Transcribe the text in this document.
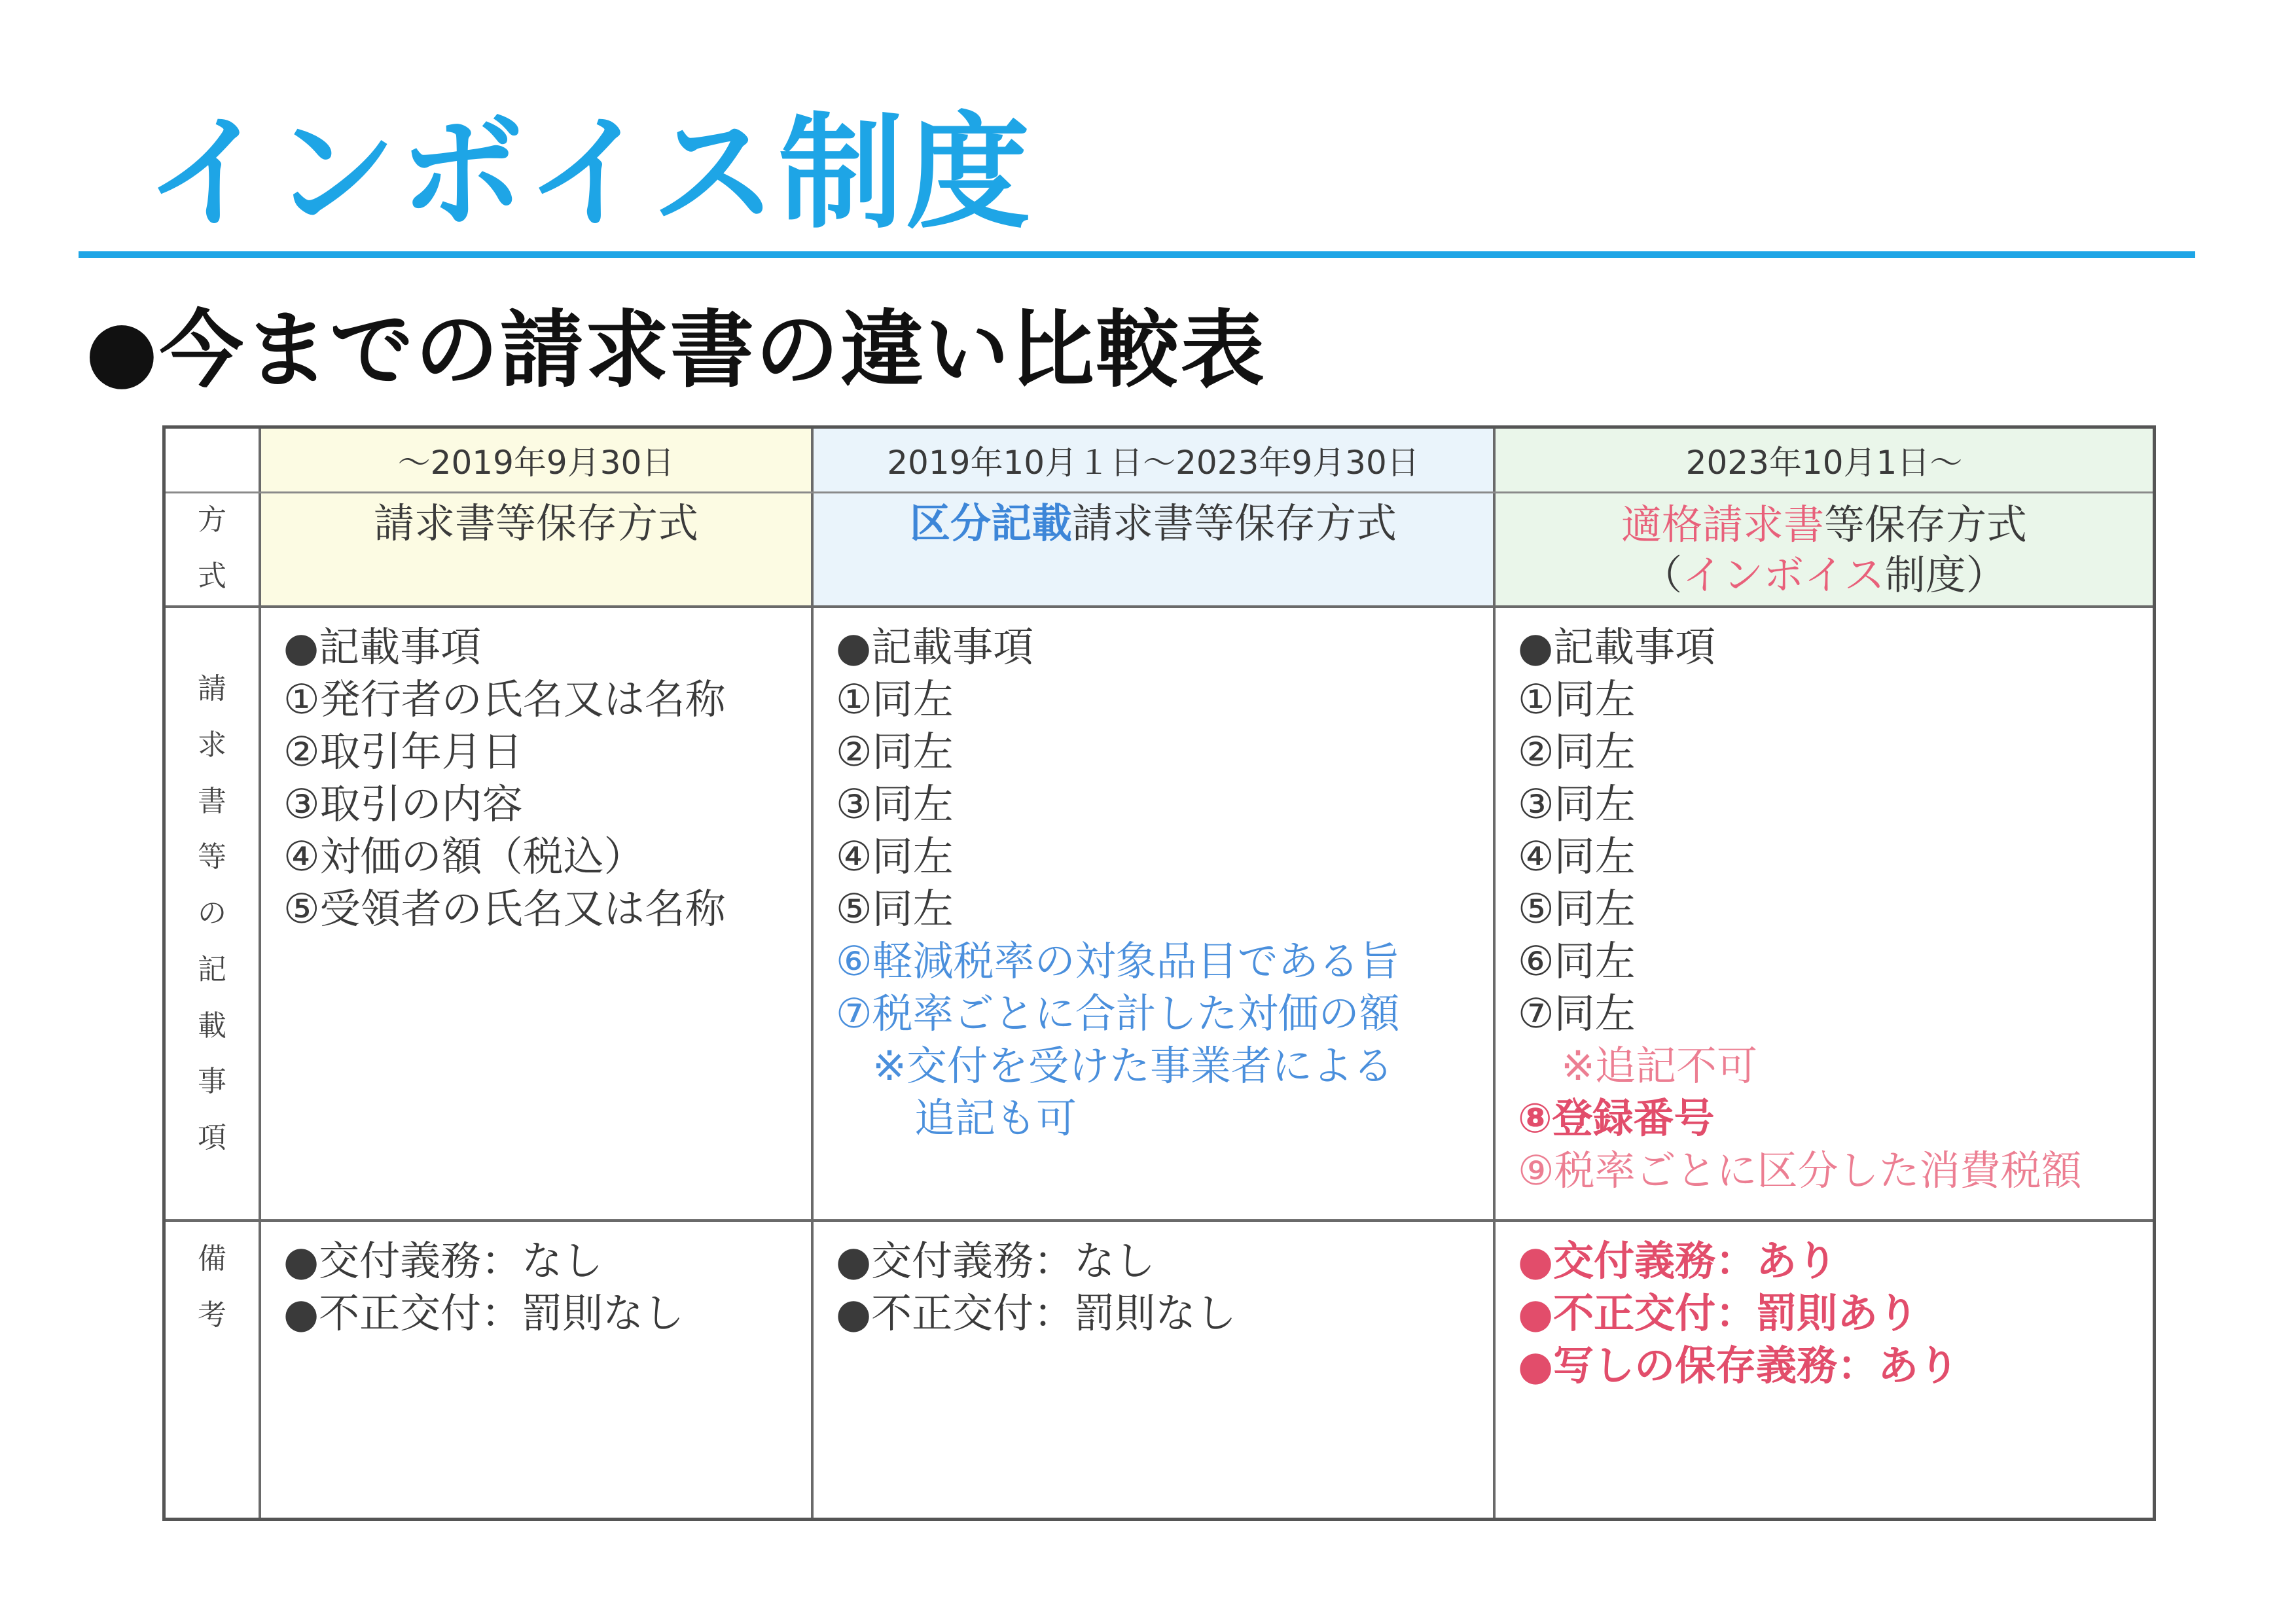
インボイス制度
●今までの請求書の違い比較表
方
式
請
求
書
等
の
記
載
事
項
備
考
～2019年9月30日
請求書等保存方式
●記載事項
①発行者の氏名又は名称
②取引年月日
③取引の内容
④対価の額（税込）
⑤受領者の氏名又は名称
●交付義務：なし
●不正交付：罰則なし
2019年10月１日～2023年9月30日
区分記載請求書等保存方式
●記載事項
①同左
②同左
③同左
④同左
⑤同左
⑥軽減税率の対象品目である旨
⑦税率ごとに合計した対価の額
※交付を受けた事業者による
追記も可
●交付義務：なし
●不正交付：罰則なし
2023年10月1日～
適格請求書等保存方式
（インボイス制度）
●記載事項
①同左
②同左
③同左
④同左
⑤同左
⑥同左
⑦同左
※追記不可
⑧登録番号
⑨税率ごとに区分した消費税額
●交付義務：あり
●不正交付：罰則あり
●写しの保存義務：あり
